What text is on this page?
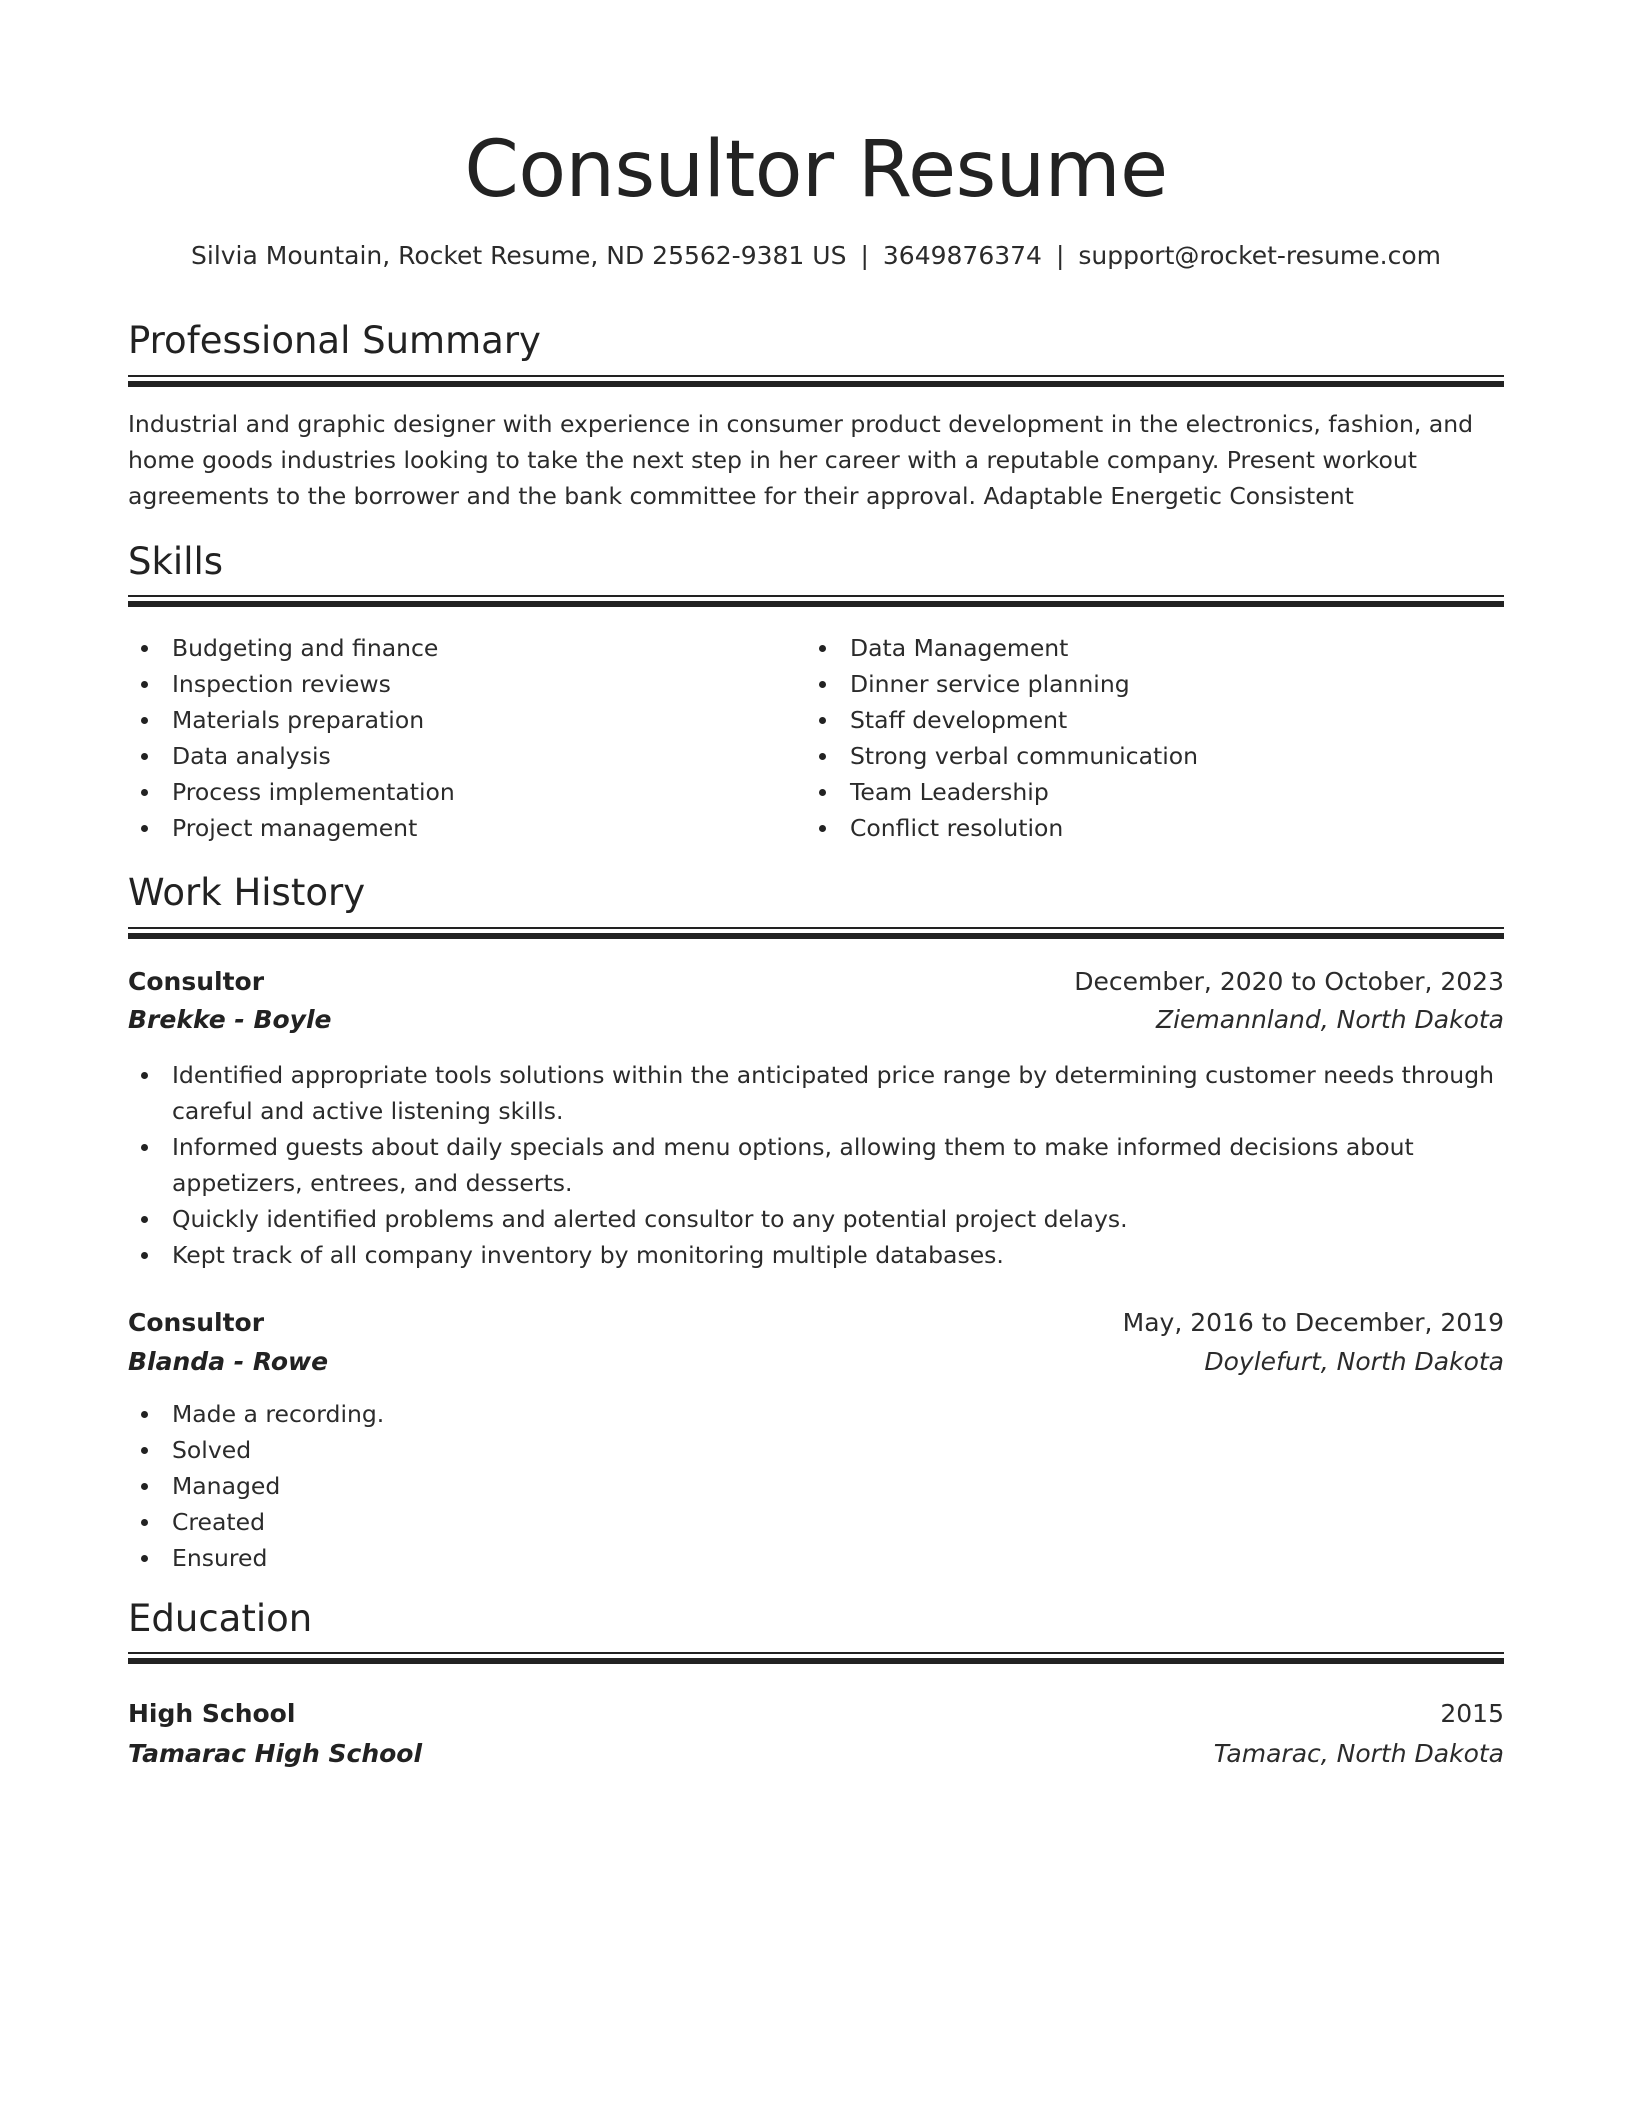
Consultor Resume
Silvia Mountain, Rocket Resume, ND 25562-9381 US | 3649876374 | support@rocket-resume.com
Professional Summary

Industrial and graphic designer with experience in consumer product development in the electronics, fashion, and home goods industries looking to take the next step in her career with a reputable company. Present workout agreements to the borrower and the bank committee for their approval. Adaptable Energetic Consistent

Skills
Budgeting and finance
Inspection reviews
Materials preparation
Data analysis
Process implementation
Project management
Data Management
Dinner service planning
Staff development
Strong verbal communication
Team Leadership
Conflict resolution
Work History
Consultor	December, 2020 to October, 2023
Brekke - Boyle	Ziemannland, North Dakota
Identified appropriate tools solutions within the anticipated price range by determining customer needs through careful and active listening skills.
Informed guests about daily specials and menu options, allowing them to make informed decisions about appetizers, entrees, and desserts.
Quickly identified problems and alerted consultor to any potential project delays.
Kept track of all company inventory by monitoring multiple databases.
Consultor	May, 2016 to December, 2019
Blanda - Rowe	Doylefurt, North Dakota
Made a recording.
Solved
Managed
Created
Ensured
Education
High School	2015
Tamarac High School	Tamarac, North Dakota
